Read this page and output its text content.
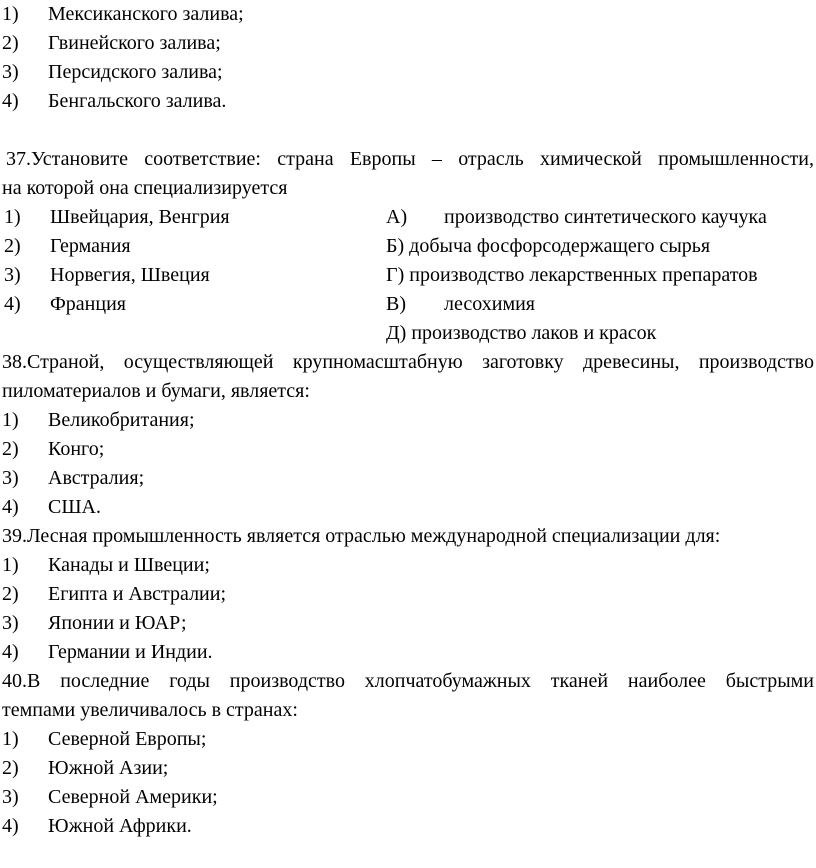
1) Мексиканского залива;
2) Гвинейского залива;
3) Персидского залива;
4) Бенгальского залива.
37.Установите соответствие: страна Европы – отрасль химической промышленности,
на которой она специализируется
1) Швейцария, Венгрия	А) производство синтетического каучука
2) Германия	Б) добыча фосфорсодержащего сырья
3) Норвегия, Швеция	Г) производство лекарственных препаратов
4) Франция	В) лесохимия
Д) производство лаков и красок
38.Страной, осуществляющей крупномасштабную заготовку древесины, производство
пиломатериалов и бумаги, является:
1) Великобритания;
2) Конго;
3) Австралия;
4) США.
39.Лесная промышленность является отраслью международной специализации для:
1) Канады и Швеции;
2) Египта и Австралии;
3) Японии и ЮАР;
4) Германии и Индии.
40.В последние годы производство хлопчатобумажных тканей наиболее быстрыми
темпами увеличивалось в странах:
1) Северной Европы;
2) Южной Азии;
3) Северной Америки;
4) Южной Африки.
